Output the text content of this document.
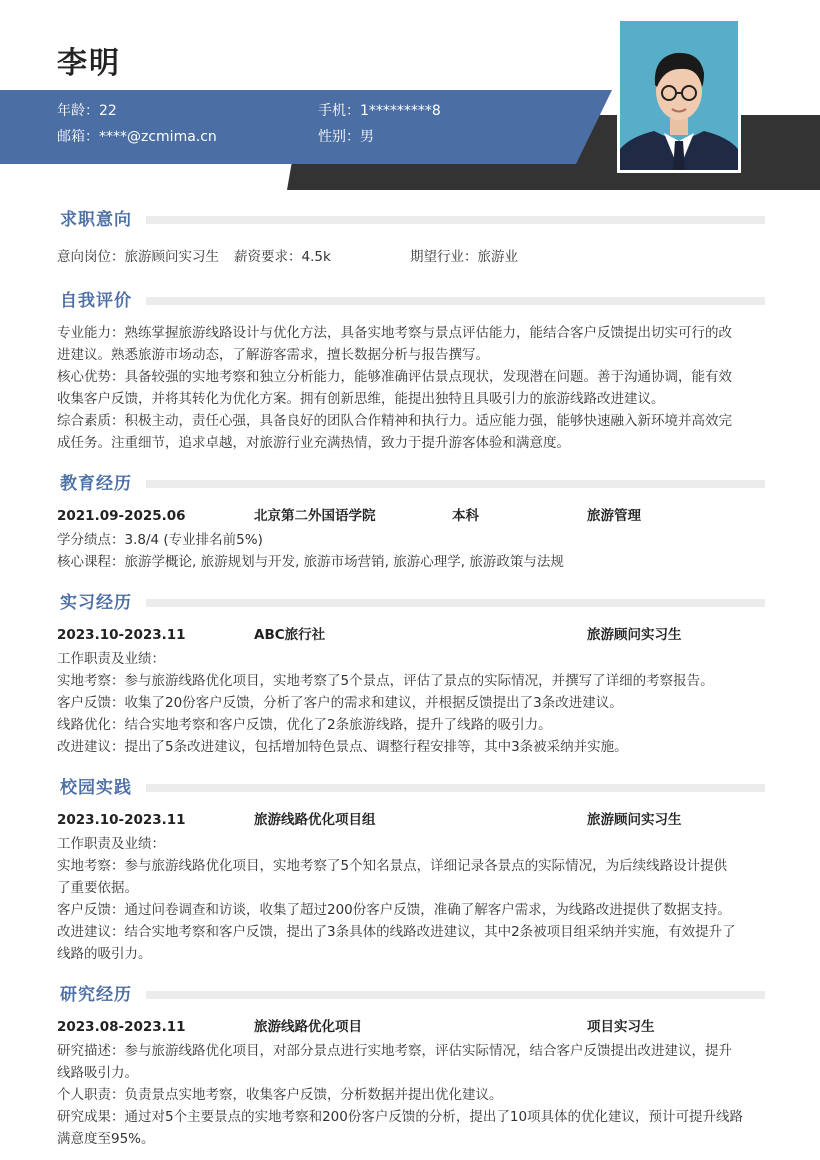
李明
年龄：22	手机：1*********8
邮箱：****@zcmima.cn	性别：男
求职意向
意向岗位：旅游顾问实习生 薪资要求：4.5k	期望行业：旅游业
自我评价
专业能力：熟练掌握旅游线路设计与优化方法，具备实地考察与景点评估能力，能结合客户反馈提出切实可行的改
进建议。熟悉旅游市场动态，了解游客需求，擅长数据分析与报告撰写。
核心优势：具备较强的实地考察和独立分析能力，能够准确评估景点现状，发现潜在问题。善于沟通协调，能有效
收集客户反馈，并将其转化为优化方案。拥有创新思维，能提出独特且具吸引力的旅游线路改进建议。
综合素质：积极主动，责任心强，具备良好的团队合作精神和执行力。适应能力强，能够快速融入新环境并高效完
成任务。注重细节，追求卓越，对旅游行业充满热情，致力于提升游客体验和满意度。
教育经历
2021.09-2025.06	北京第二外国语学院	本科	旅游管理
学分绩点：3.8/4 (专业排名前5%)
核心课程：旅游学概论, 旅游规划与开发, 旅游市场营销, 旅游心理学, 旅游政策与法规
实习经历
2023.10-2023.11	ABC旅行社	旅游顾问实习生
工作职责及业绩：
实地考察：参与旅游线路优化项目，实地考察了5个景点，评估了景点的实际情况，并撰写了详细的考察报告。
客户反馈：收集了20份客户反馈，分析了客户的需求和建议，并根据反馈提出了3条改进建议。
线路优化：结合实地考察和客户反馈，优化了2条旅游线路，提升了线路的吸引力。
改进建议：提出了5条改进建议，包括增加特色景点、调整行程安排等，其中3条被采纳并实施。
校园实践
2023.10-2023.11	旅游线路优化项目组	旅游顾问实习生
工作职责及业绩：
实地考察：参与旅游线路优化项目，实地考察了5个知名景点，详细记录各景点的实际情况，为后续线路设计提供
了重要依据。
客户反馈：通过问卷调查和访谈，收集了超过200份客户反馈，准确了解客户需求，为线路改进提供了数据支持。
改进建议：结合实地考察和客户反馈，提出了3条具体的线路改进建议，其中2条被项目组采纳并实施，有效提升了
线路的吸引力。
研究经历
2023.08-2023.11	旅游线路优化项目	项目实习生
研究描述：参与旅游线路优化项目，对部分景点进行实地考察，评估实际情况，结合客户反馈提出改进建议，提升
线路吸引力。
个人职责：负责景点实地考察，收集客户反馈，分析数据并提出优化建议。
研究成果：通过对5个主要景点的实地考察和200份客户反馈的分析，提出了10项具体的优化建议，预计可提升线路
满意度至95%。
